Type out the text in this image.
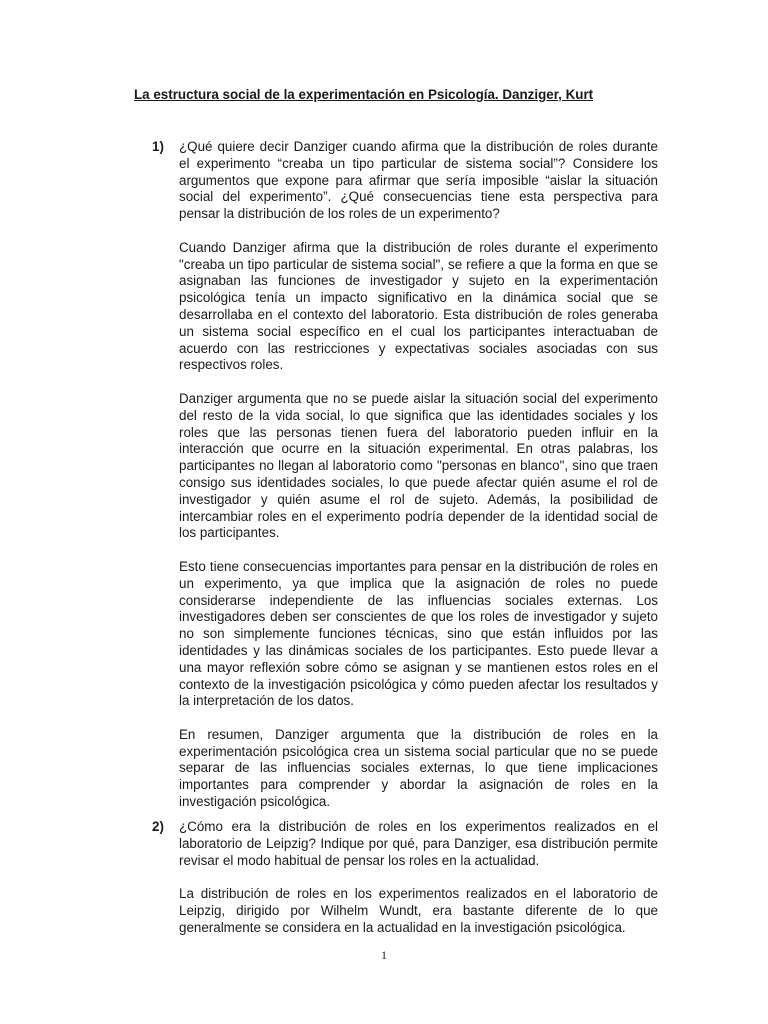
La estructura social de la experimentación en Psicología. Danziger, Kurt
1) ¿Qué quiere decir Danziger cuando afirma que la distribución de roles durante el experimento “creaba un tipo particular de sistema social”? Considere los argumentos que expone para afirmar que sería imposible “aislar la situación social del experimento”. ¿Qué consecuencias tiene esta perspectiva para pensar la distribución de los roles de un experimento?

Cuando Danziger afirma que la distribución de roles durante el experimento "creaba un tipo particular de sistema social", se refiere a que la forma en que se asignaban las funciones de investigador y sujeto en la experimentación psicológica tenía un impacto significativo en la dinámica social que se desarrollaba en el contexto del laboratorio. Esta distribución de roles generaba un sistema social específico en el cual los participantes interactuaban de acuerdo con las restricciones y expectativas sociales asociadas con sus respectivos roles.

Danziger argumenta que no se puede aislar la situación social del experimento del resto de la vida social, lo que significa que las identidades sociales y los roles que las personas tienen fuera del laboratorio pueden influir en la interacción que ocurre en la situación experimental. En otras palabras, los participantes no llegan al laboratorio como "personas en blanco", sino que traen consigo sus identidades sociales, lo que puede afectar quién asume el rol de investigador y quién asume el rol de sujeto. Además, la posibilidad de intercambiar roles en el experimento podría depender de la identidad social de los participantes.

Esto tiene consecuencias importantes para pensar en la distribución de roles en un experimento, ya que implica que la asignación de roles no puede considerarse independiente de las influencias sociales externas. Los investigadores deben ser conscientes de que los roles de investigador y sujeto no son simplemente funciones técnicas, sino que están influidos por las identidades y las dinámicas sociales de los participantes. Esto puede llevar a una mayor reflexión sobre cómo se asignan y se mantienen estos roles en el contexto de la investigación psicológica y cómo pueden afectar los resultados y la interpretación de los datos.

En resumen, Danziger argumenta que la distribución de roles en la experimentación psicológica crea un sistema social particular que no se puede separar de las influencias sociales externas, lo que tiene implicaciones importantes para comprender y abordar la asignación de roles en la investigación psicológica.

2) ¿Cómo era la distribución de roles en los experimentos realizados en el laboratorio de Leipzig? Indique por qué, para Danziger, esa distribución permite revisar el modo habitual de pensar los roles en la actualidad.

La distribución de roles en los experimentos realizados en el laboratorio de Leipzig, dirigido por Wilhelm Wundt, era bastante diferente de lo que generalmente se considera en la actualidad en la investigación psicológica.

1
